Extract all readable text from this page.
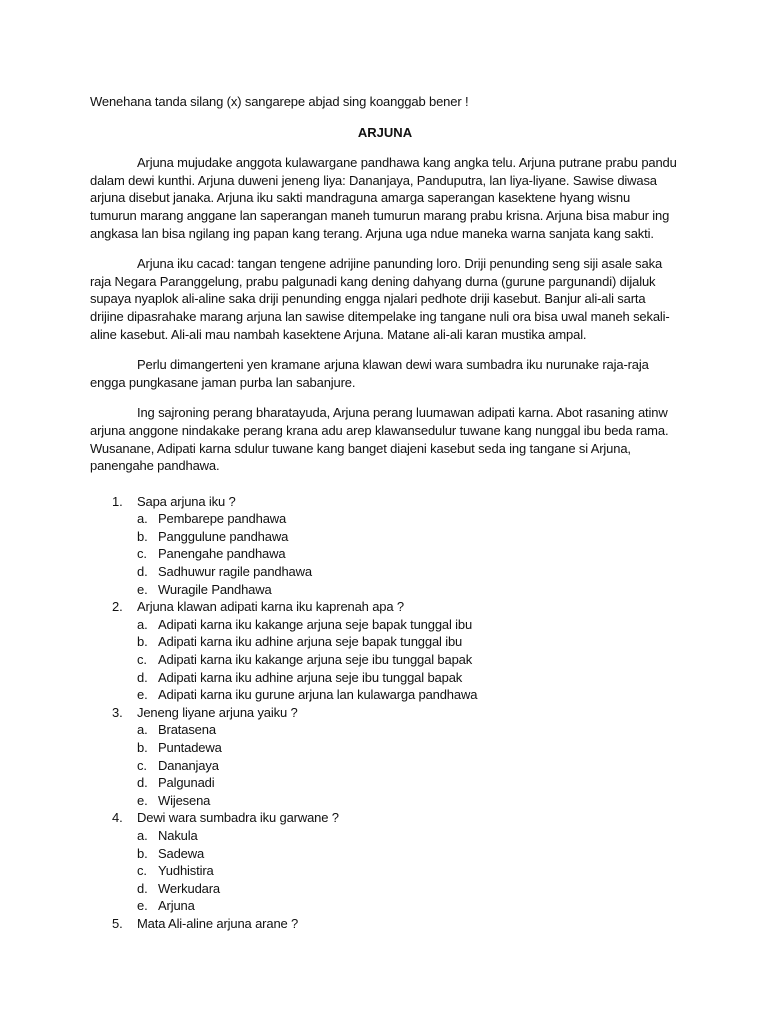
Wenehana tanda silang (x) sangarepe abjad sing koanggab bener !

ARJUNA

Arjuna mujudake anggota kulawargane pandhawa kang angka telu. Arjuna putrane prabu pandu dalam dewi kunthi. Arjuna duweni jeneng liya: Dananjaya, Panduputra, lan liya-liyane. Sawise diwasa arjuna disebut janaka. Arjuna iku sakti mandraguna amarga saperangan kasektene hyang wisnu tumurun marang anggane lan saperangan maneh tumurun marang prabu krisna. Arjuna bisa mabur ing angkasa lan bisa ngilang ing papan kang terang. Arjuna uga ndue maneka warna sanjata kang sakti.

Arjuna iku cacad: tangan tengene adrijine panunding loro. Driji penunding seng siji asale saka raja Negara Paranggelung, prabu palgunadi kang dening dahyang durna (gurune pargunandi) dijaluk supaya nyaplok ali-aline saka driji penunding engga njalari pedhote driji kasebut. Banjur ali-ali sarta drijine dipasrahake marang arjuna lan sawise ditempelake ing tangane nuli ora bisa uwal maneh sekali-aline kasebut. Ali-ali mau nambah kasektene Arjuna. Matane ali-ali karan mustika ampal.

Perlu dimangerteni yen kramane arjuna klawan dewi wara sumbadra iku nurunake raja-raja engga pungkasane jaman purba lan sabanjure.

Ing sajroning perang bharatayuda, Arjuna perang luumawan adipati karna. Abot rasaning atinw arjuna anggone nindakake perang krana adu arep klawansedulur tuwane kang nunggal ibu beda rama. Wusanane, Adipati karna sdulur tuwane kang banget diajeni kasebut seda ing tangane si Arjuna, panengahe pandhawa.

1.	Sapa arjuna iku ?
a. Pembarepe pandhawa
b. Panggulune pandhawa
c. Panengahe pandhawa
d. Sadhuwur ragile pandhawa
e. Wuragile Pandhawa
2.	Arjuna klawan adipati karna iku kaprenah apa ?
a. Adipati karna iku kakange arjuna seje bapak tunggal ibu
b. Adipati karna iku adhine arjuna seje bapak tunggal ibu
c. Adipati karna iku kakange arjuna seje ibu tunggal bapak
d. Adipati karna iku adhine arjuna seje ibu tunggal bapak
e. Adipati karna iku gurune arjuna lan kulawarga pandhawa
3.	Jeneng liyane arjuna yaiku ?
a. Bratasena
b. Puntadewa
c. Dananjaya
d. Palgunadi
e. Wijesena
4.	Dewi wara sumbadra iku garwane ?
a. Nakula
b. Sadewa
c. Yudhistira
d. Werkudara
e. Arjuna
5.	Mata Ali-aline arjuna arane ?
